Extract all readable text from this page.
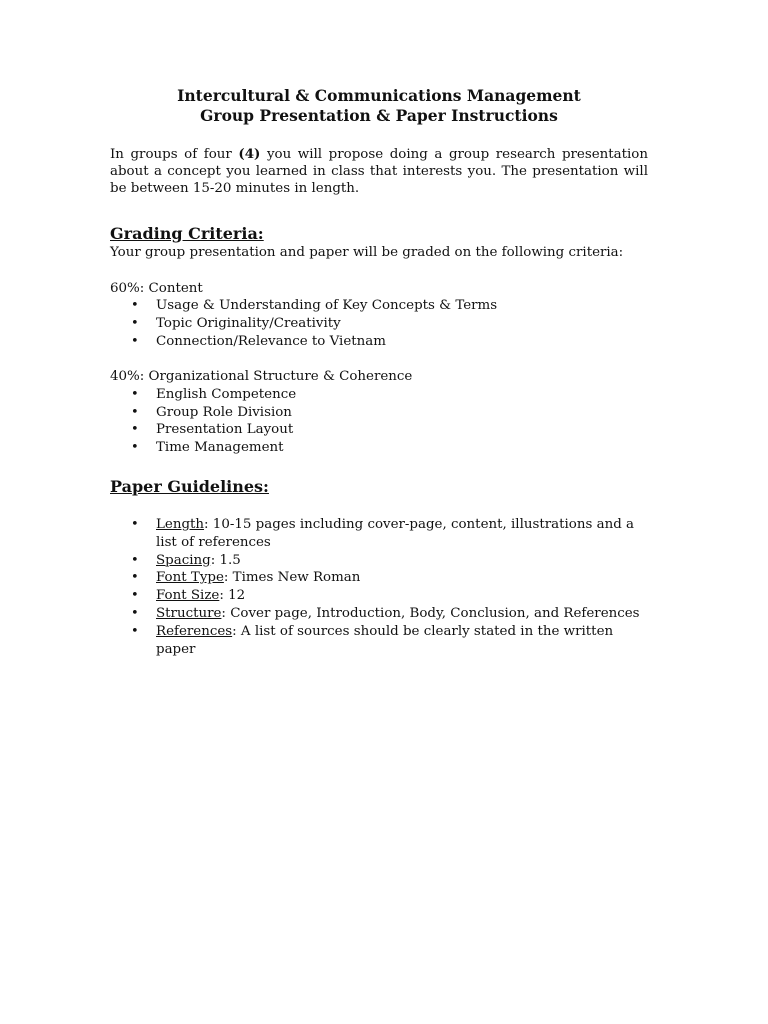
Intercultural & Communications Management

Group Presentation & Paper Instructions

In groups of four (4) you will propose doing a group research presentation about a concept you learned in class that interests you. The presentation will be between 15-20 minutes in length.

Grading Criteria:

Your group presentation and paper will be graded on the following criteria:

60%: Content

• Usage & Understanding of Key Concepts & Terms
• Topic Originality/Creativity
• Connection/Relevance to Vietnam

40%: Organizational Structure & Coherence

• English Competence
• Group Role Division
• Presentation Layout
• Time Management
Paper Guidelines:
• Length: 10-15 pages including cover-page, content, illustrations and a list of references
• Spacing: 1.5
• Font Type: Times New Roman
• Font Size: 12
• Structure: Cover page, Introduction, Body, Conclusion, and References
• References: A list of sources should be clearly stated in the written paper
